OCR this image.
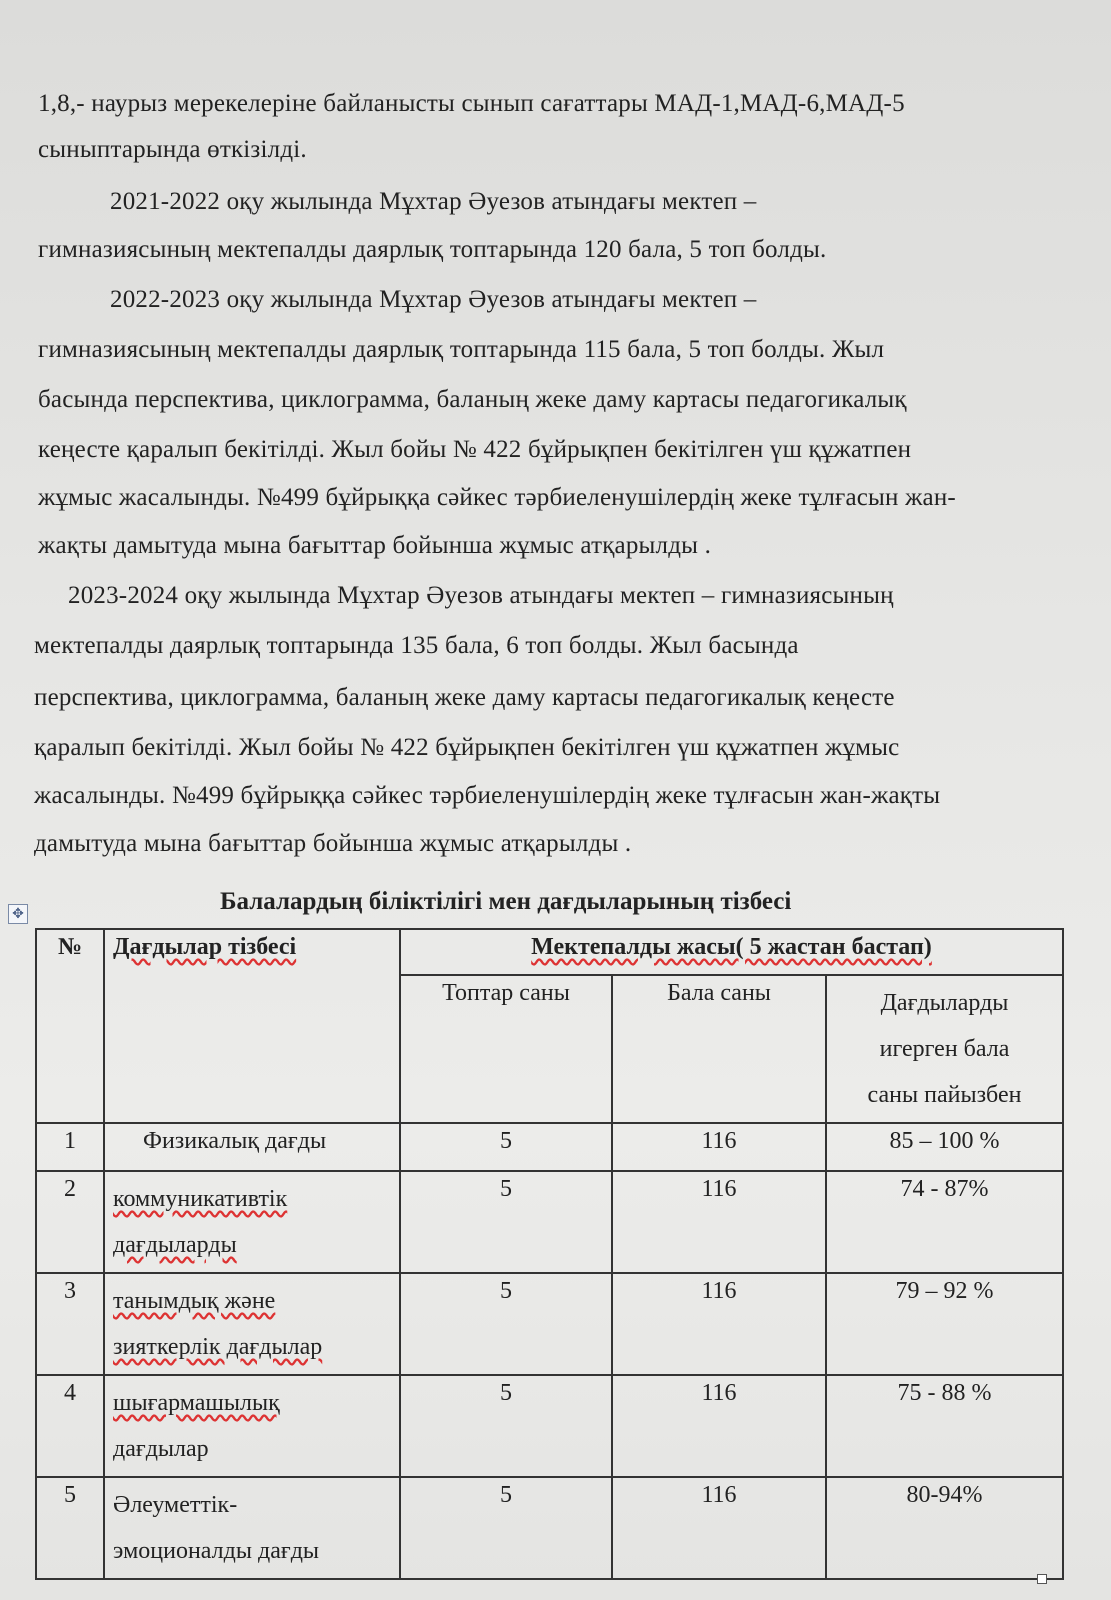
1,8,- наурыз мерекелеріне байланысты сынып сағаттары МАД-1,МАД-6,МАД-5
сыныптарында өткізілді.
2021-2022 оқу жылында Мұхтар Әуезов атындағы мектеп –
гимназиясының мектепалды даярлық топтарында 120 бала, 5 топ болды.
2022-2023 оқу жылында Мұхтар Әуезов атындағы мектеп –
гимназиясының мектепалды даярлық топтарында 115 бала, 5 топ болды. Жыл
басында перспектива, циклограмма, баланың жеке даму картасы педагогикалық
кеңесте қаралып бекітілді. Жыл бойы № 422 бұйрықпен бекітілген үш құжатпен
жұмыс жасалынды. №499 бұйрыққа сәйкес тәрбиеленушілердің жеке тұлғасын жан-
жақты дамытуда мына бағыттар бойынша жұмыс атқарылды .
2023-2024 оқу жылында Мұхтар Әуезов атындағы мектеп – гимназиясының
мектепалды даярлық топтарында 135 бала, 6 топ болды. Жыл басында
перспектива, циклограмма, баланың жеке даму картасы педагогикалық кеңесте
қаралып бекітілді. Жыл бойы № 422 бұйрықпен бекітілген үш құжатпен жұмыс
жасалынды. №499 бұйрыққа сәйкес тәрбиеленушілердің жеке тұлғасын жан-жақты
дамытуда мына бағыттар бойынша жұмыс атқарылды .
Балалардың біліктілігі мен дағдыларының тізбесі
✥
№	Дағдылар тізбесі	Мектепалды жасы( 5 жастан бастап)		
		Топтар саны	Бала саны	Дағдыларды
игерген бала
саны пайызбен

1	Физикалық дағды	5	116	85 – 100 %
2	коммуникативтік
дағдыларды	5	116	74 - 87%
3	танымдық және
зияткерлік дағдылар	5	116	79 – 92 %
4	шығармашылық

дағдылар	5	116	75 - 88 %
5	Әлеуметтік-
эмоционалды дағды	5	116	80-94%
